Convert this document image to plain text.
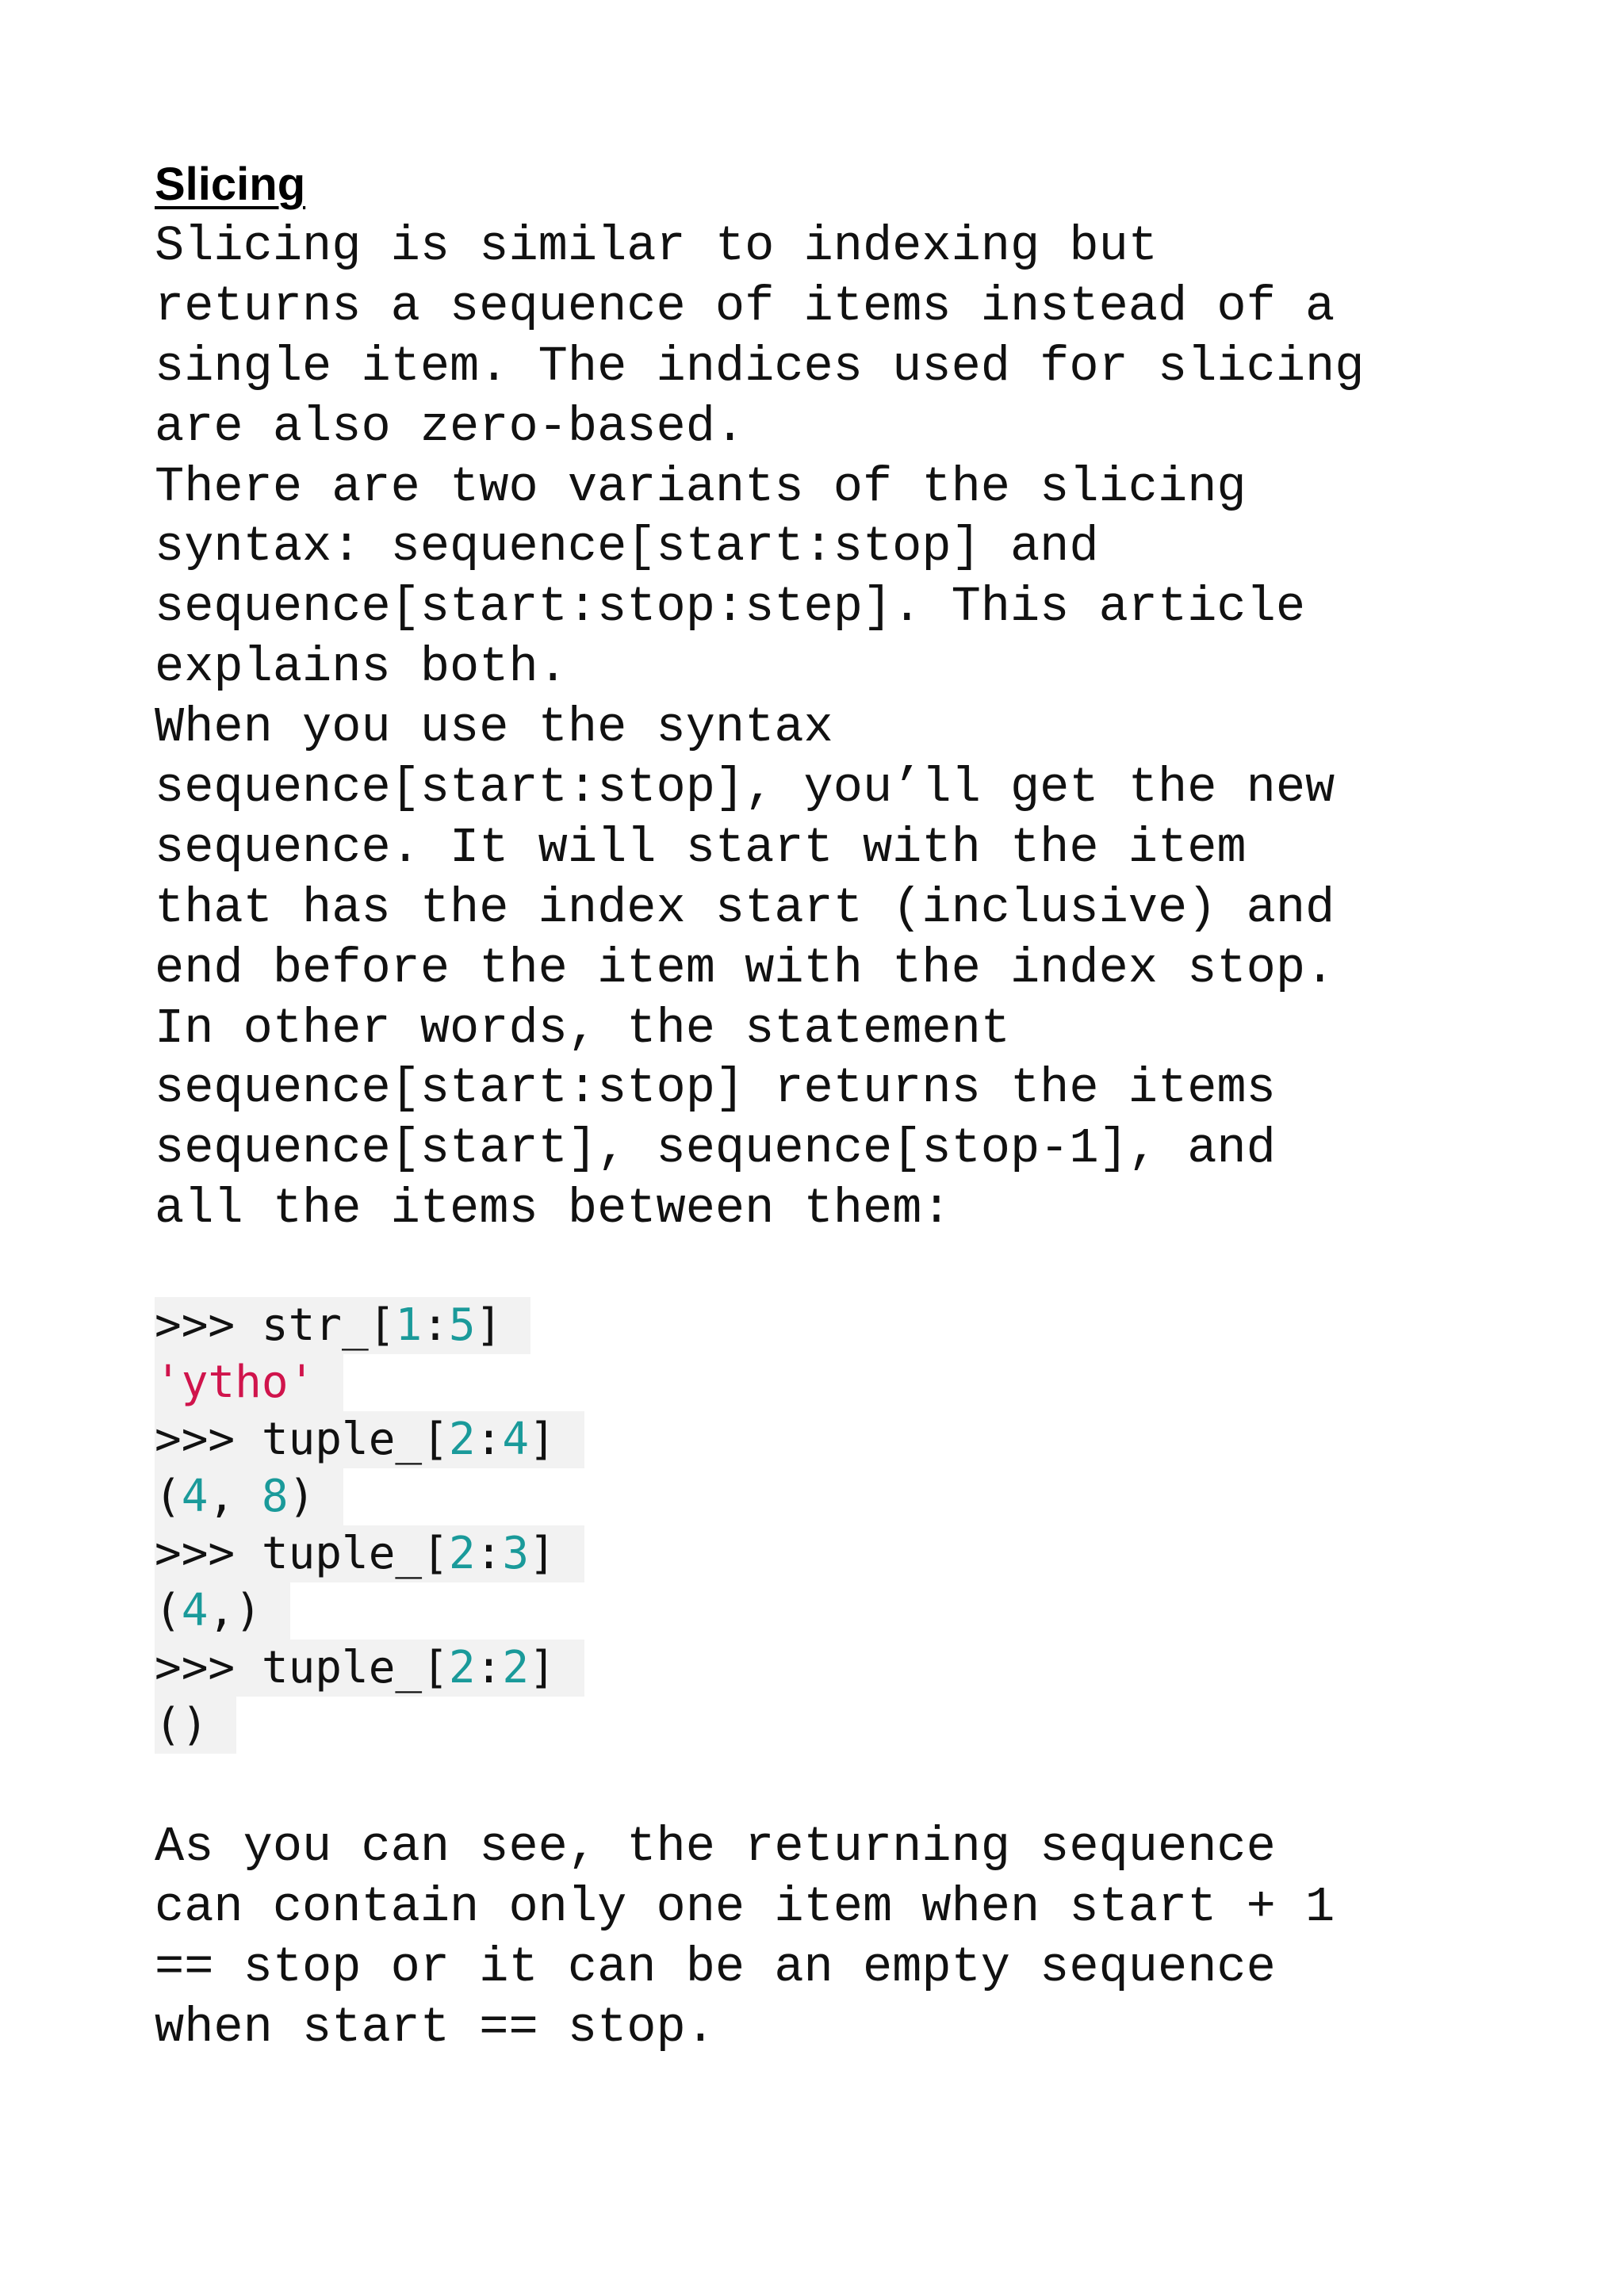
Slicing
Slicing is similar to indexing but
returns a sequence of items instead of a
single item. The indices used for slicing
are also zero-based.
There are two variants of the slicing
syntax: sequence[start:stop] and
sequence[start:stop:step]. This article
explains both.
When you use the syntax
sequence[start:stop], you’ll get the new
sequence. It will start with the item
that has the index start (inclusive) and
end before the item with the index stop.
In other words, the statement
sequence[start:stop] returns the items
sequence[start], sequence[stop-1], and
all the items between them:
>>> str_[1:5]
'ytho'
>>> tuple_[2:4]
(4, 8)
>>> tuple_[2:3]
(4,)
>>> tuple_[2:2]
()
As you can see, the returning sequence
can contain only one item when start + 1
== stop or it can be an empty sequence
when start == stop.
